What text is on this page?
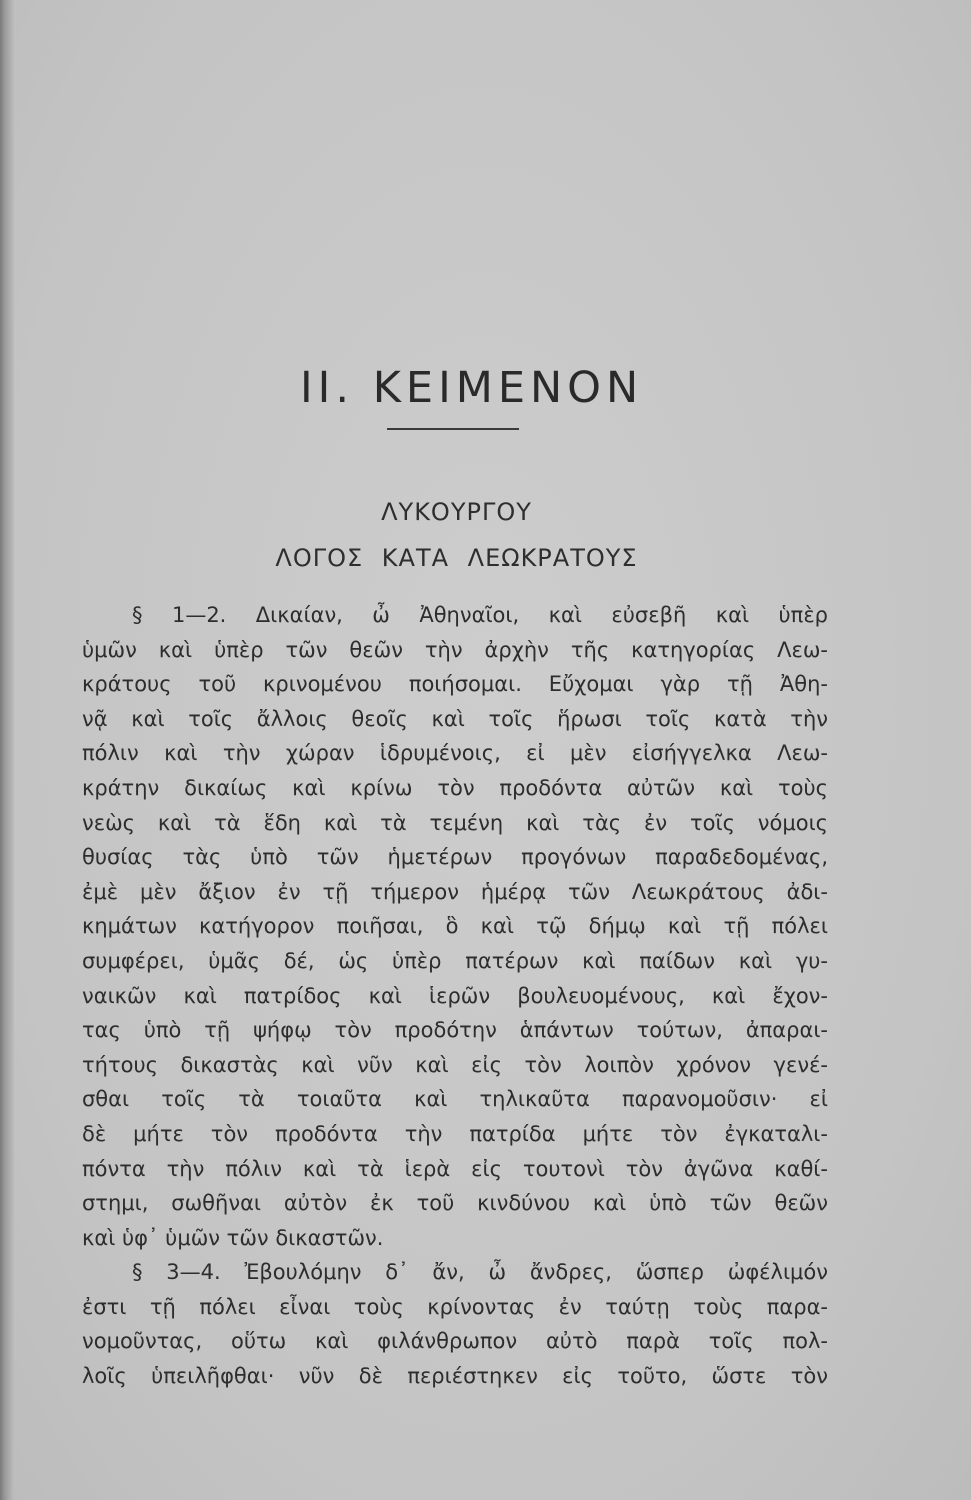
II. ΚΕΙΜΕΝΟΝ
ΛΥΚΟΥΡΓΟΥ
ΛΟΓΟΣ ΚΑΤΑ ΛΕΩΚΡΑΤΟΥΣ
§ 1—2. Δικαίαν, ὦ Ἀθηναῖοι, καὶ εὐσεβῆ καὶ ὑπὲρ
ὑμῶν καὶ ὑπὲρ τῶν θεῶν τὴν ἀρχὴν τῆς κατηγορίας Λεω-
κράτους τοῦ κρινομένου ποιήσομαι. Εὔχομαι γὰρ τῇ Ἀθη-
νᾷ καὶ τοῖς ἄλλοις θεοῖς καὶ τοῖς ἥρωσι τοῖς κατὰ τὴν
πόλιν καὶ τὴν χώραν ἱδρυμένοις, εἰ μὲν εἰσήγγελκα Λεω-
κράτην δικαίως καὶ κρίνω τὸν προδόντα αὐτῶν καὶ τοὺς
νεὼς καὶ τὰ ἕδη καὶ τὰ τεμένη καὶ τὰς ἐν τοῖς νόμοις
θυσίας τὰς ὑπὸ τῶν ἡμετέρων προγόνων παραδεδομένας,
ἐμὲ μὲν ἄξιον ἐν τῇ τήμερον ἡμέρᾳ τῶν Λεωκράτους ἀδι-
κημάτων κατήγορον ποιῆσαι, ὃ καὶ τῷ δήμῳ καὶ τῇ πόλει
συμφέρει, ὑμᾶς δέ, ὡς ὑπὲρ πατέρων καὶ παίδων καὶ γυ-
ναικῶν καὶ πατρίδος καὶ ἱερῶν βουλευομένους, καὶ ἔχον-
τας ὑπὸ τῇ ψήφῳ τὸν προδότην ἁπάντων τούτων, ἀπαραι-
τήτους δικαστὰς καὶ νῦν καὶ εἰς τὸν λοιπὸν χρόνον γενέ-
σθαι τοῖς τὰ τοιαῦτα καὶ τηλικαῦτα παρανομοῦσιν· εἰ
δὲ μήτε τὸν προδόντα τὴν πατρίδα μήτε τὸν ἐγκαταλι-
πόντα τὴν πόλιν καὶ τὰ ἱερὰ εἰς τουτονὶ τὸν ἀγῶνα καθί-
στημι, σωθῆναι αὐτὸν ἐκ τοῦ κινδύνου καὶ ὑπὸ τῶν θεῶν
καὶ ὑφ᾽ ὑμῶν τῶν δικαστῶν.
§ 3—4. Ἐβουλόμην δ᾽ ἄν, ὦ ἄνδρες, ὥσπερ ὠφέλιμόν
ἐστι τῇ πόλει εἶναι τοὺς κρίνοντας ἐν ταύτῃ τοὺς παρα-
νομοῦντας, οὕτω καὶ φιλάνθρωπον αὐτὸ παρὰ τοῖς πολ-
λοῖς ὑπειλῆφθαι· νῦν δὲ περιέστηκεν εἰς τοῦτο, ὥστε τὸν
